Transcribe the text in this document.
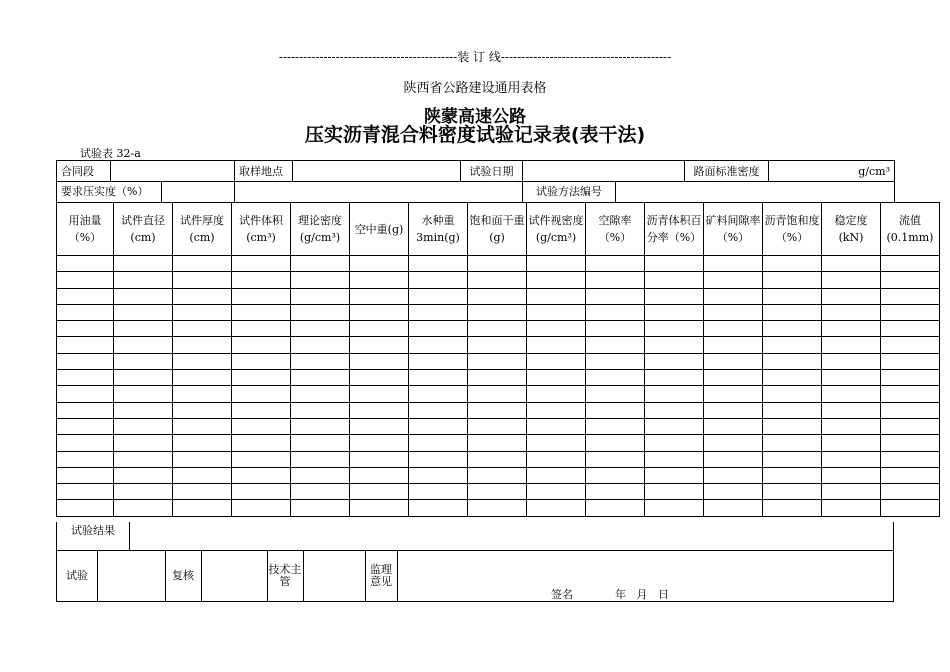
--------------------------------------------装 订 线------------------------------------------
陕西省公路建设通用表格
陕蒙高速公路
压实沥青混合料密度试验记录表(表干法)
试验表 32-a
合同段		取样地点		试验日期		路面标准密度	g/cm³

要求压实度（%）					试验方法编号		
用油量（%）	试件直径(cm)	试件厚度(cm)	试件体积(cm³)	理论密度(g/cm³)	空中重(g)	水种重3min(g)	饱和面干重(g)	试件视密度(g/cm³)	空隙率（%）	沥青体积百分率（%）	矿料间隙率（%）	沥青饱和度（%）	稳定度(kN)	流值(0.1mm)

试验结果
试验	复核	技术主管
监理意见
签名            年   月   日
